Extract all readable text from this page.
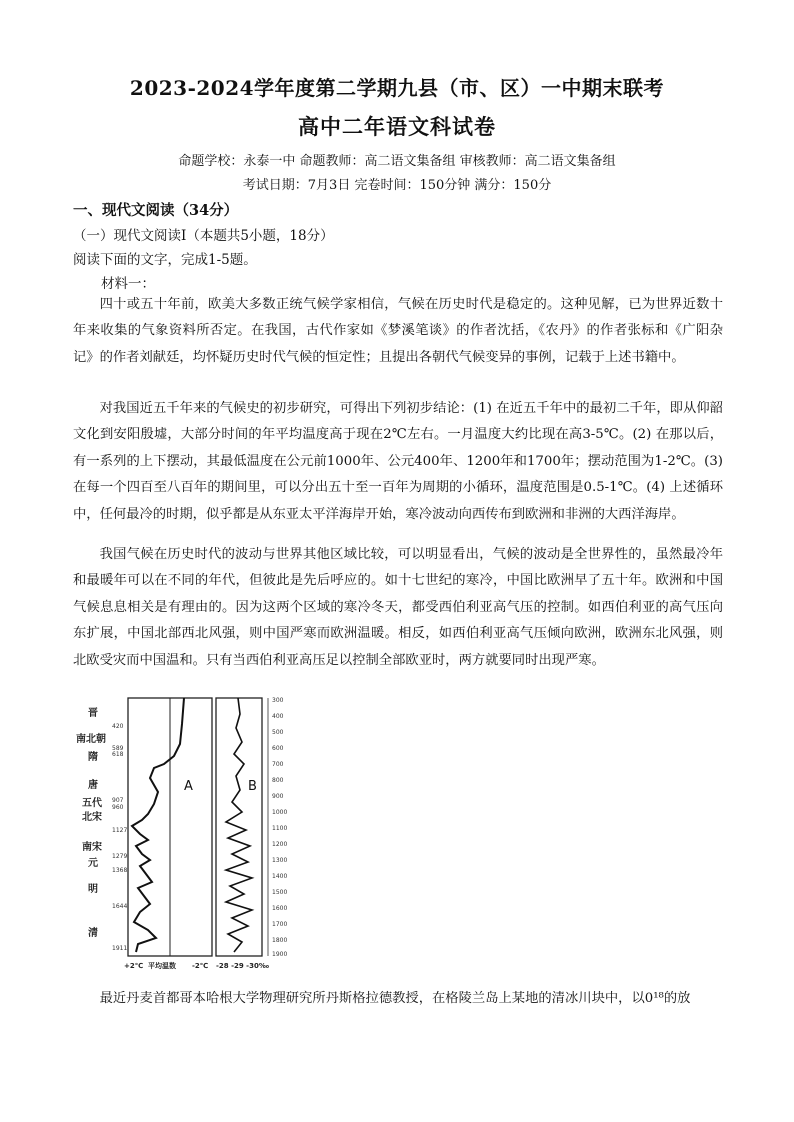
2023-2024学年度第二学期九县（市、区）一中期末联考
高中二年语文科试卷
命题学校：永泰一中 命题教师：高二语文集备组 审核教师：高二语文集备组
考试日期：7月3日 完卷时间：150分钟 满分：150分
一、现代文阅读（34分）
（一）现代文阅读Ⅰ（本题共5小题，18分）
阅读下面的文字，完成1-5题。
材料一：

四十或五十年前，欧美大多数正统气候学家相信，气候在历史时代是稳定的。这种见解，已为世界近数十年来收集的气象资料所否定。在我国，古代作家如《梦溪笔谈》的作者沈括，《农丹》的作者张标和《广阳杂记》的作者刘献廷，均怀疑历史时代气候的恒定性；且提出各朝代气候变异的事例，记载于上述书籍中。

对我国近五千年来的气候史的初步研究，可得出下列初步结论：(1) 在近五千年中的最初二千年，即从仰韶文化到安阳殷墟，大部分时间的年平均温度高于现在2℃左右。一月温度大约比现在高3-5℃。(2) 在那以后，有一系列的上下摆动，其最低温度在公元前1000年、公元400年、1200年和1700年；摆动范围为1-2℃。(3) 在每一个四百至八百年的期间里，可以分出五十至一百年为周期的小循环，温度范围是0.5-1℃。(4) 上述循环中，任何最冷的时期，似乎都是从东亚太平洋海岸开始，寒冷波动向西传布到欧洲和非洲的大西洋海岸。

我国气候在历史时代的波动与世界其他区域比较，可以明显看出，气候的波动是全世界性的，虽然最冷年和最暖年可以在不同的年代，但彼此是先后呼应的。如十七世纪的寒冷，中国比欧洲早了五十年。欧洲和中国气候息息相关是有理由的。因为这两个区域的寒冷冬天，都受西伯利亚高气压的控制。如西伯利亚的高气压向东扩展，中国北部西北风强，则中国严寒而欧洲温暖。相反，如西伯利亚高气压倾向欧洲，欧洲东北风强，则北欧受灾而中国温和。只有当西伯利亚高压足以控制全部欧亚时，两方就要同时出现严寒。

晋
南北朝
隋
唐
五代
北宋
南宋
元
明
清
420
589
618
907
960
1127
1279
1368
1644
1911
A	B
300
400
500
600
700
800
900
1000
1100
1200
1300
1400
1500
1600
1700
1800
1900
+2℃ 平均温数 -2℃ -28 -29 -30‰

最近丹麦首都哥本哈根大学物理研究所丹斯格拉德教授，在格陵兰岛上某地的清冰川块中，以0¹⁸的放
